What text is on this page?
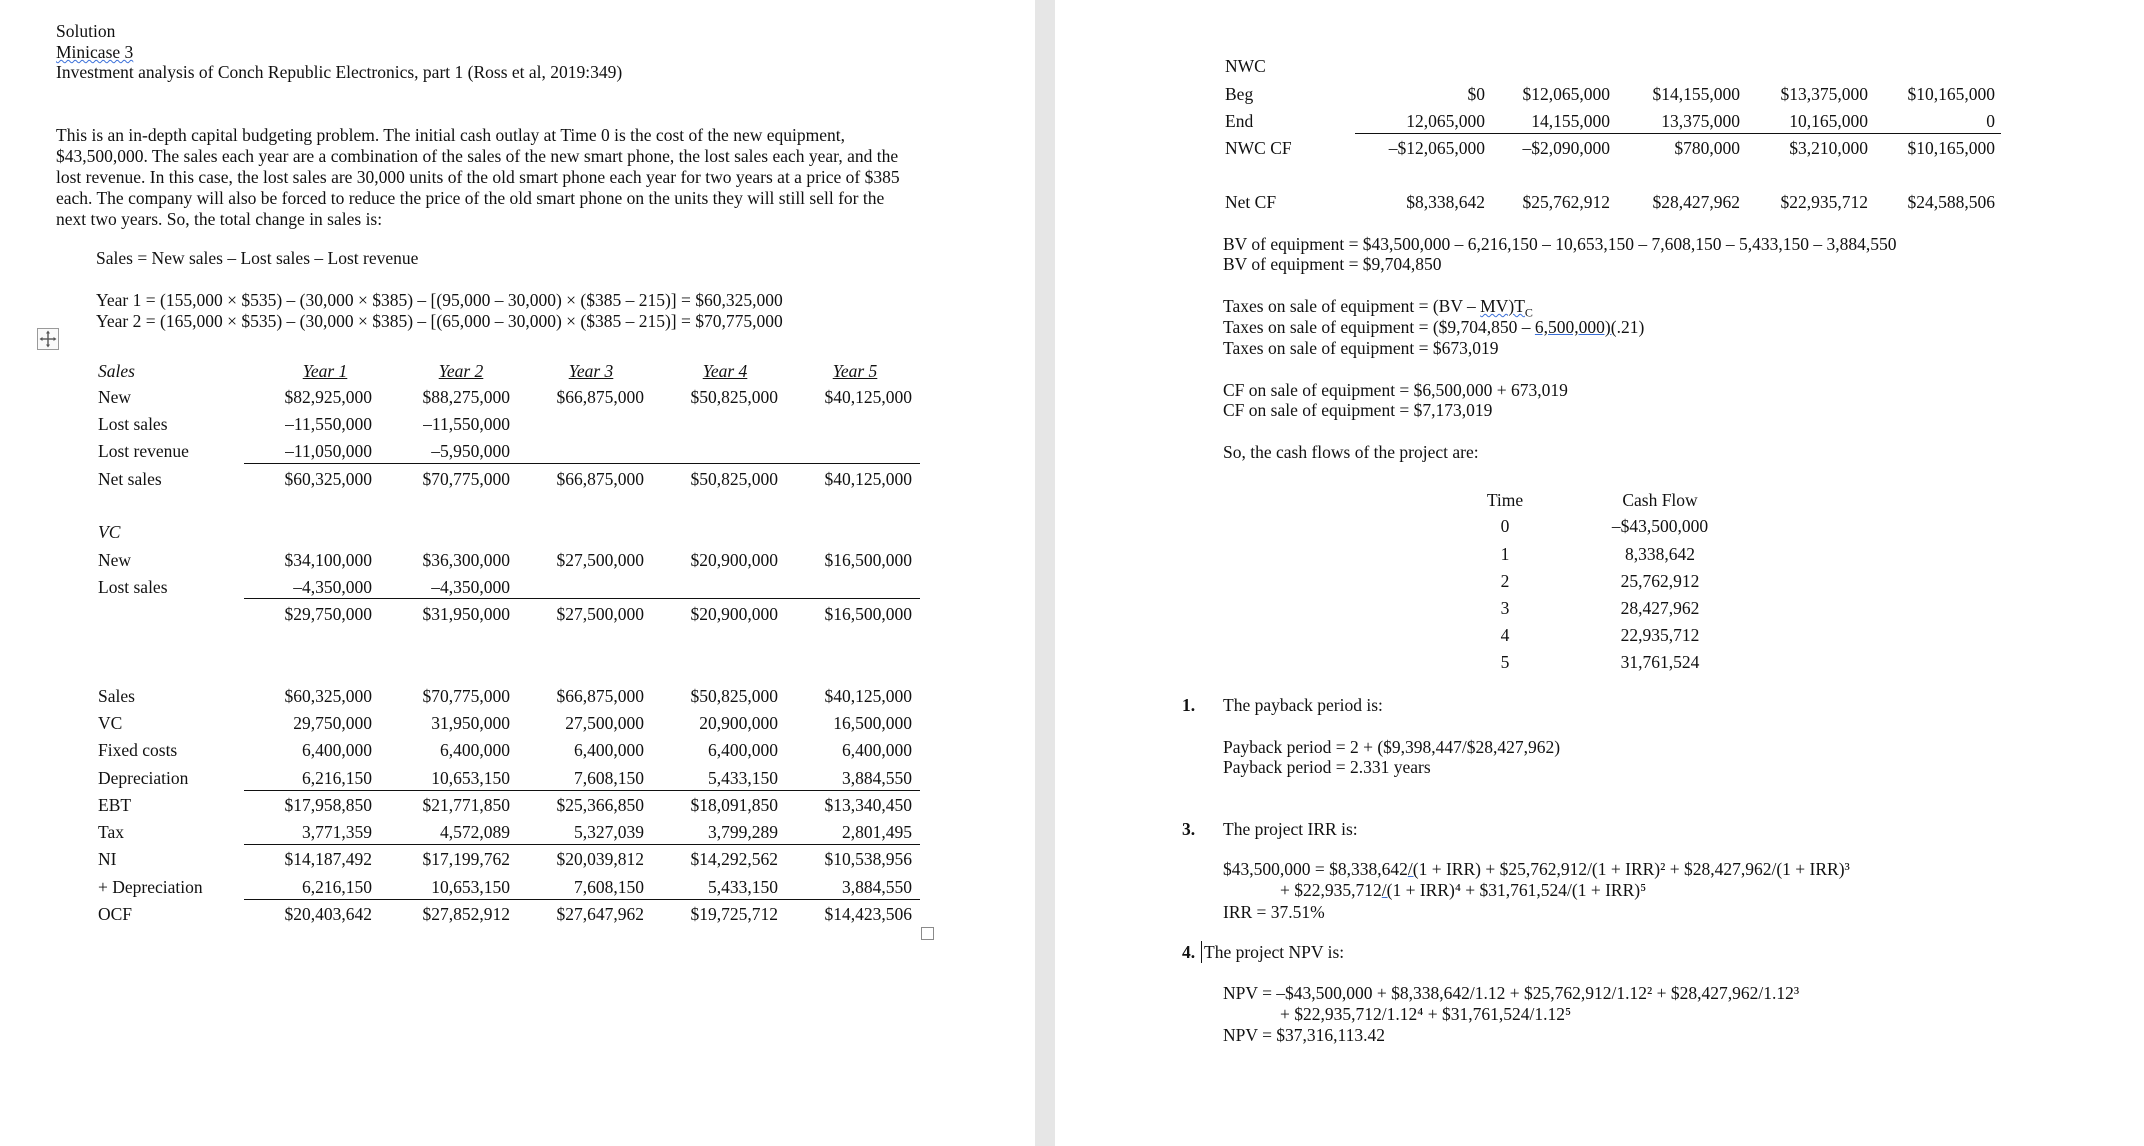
Solution
Minicase 3
Investment analysis of Conch Republic Electronics, part 1 (Ross et al, 2019:349)
This is an in-depth capital budgeting problem. The initial cash outlay at Time 0 is the cost of the new equipment, $43,500,000. The sales each year are a combination of the sales of the new smart phone, the lost sales each year, and the lost revenue. In this case, the lost sales are 30,000 units of the old smart phone each year for two years at a price of $385 each. The company will also be forced to reduce the price of the old smart phone on the units they will still sell for the next two years. So, the total change in sales is:
Sales = New sales – Lost sales – Lost revenue
Year 1 = (155,000 × $535) – (30,000 × $385) – [(95,000 – 30,000) × ($385 – 215)] = $60,325,000
Year 2 = (165,000 × $535) – (30,000 × $385) – [(65,000 – 30,000) × ($385 – 215)] = $70,775,000
Sales	Year 1	Year 2	Year 3	Year 4	Year 5
New	$82,925,000	$88,275,000	$66,875,000	$50,825,000	$40,125,000
Lost sales	–11,550,000	–11,550,000
Lost revenue	–11,050,000	–5,950,000
Net sales	$60,325,000	$70,775,000	$66,875,000	$50,825,000	$40,125,000
VC
New	$34,100,000	$36,300,000	$27,500,000	$20,900,000	$16,500,000
Lost sales	–4,350,000	–4,350,000
$29,750,000	$31,950,000	$27,500,000	$20,900,000	$16,500,000
Sales	$60,325,000	$70,775,000	$66,875,000	$50,825,000	$40,125,000
VC	29,750,000	31,950,000	27,500,000	20,900,000	16,500,000
Fixed costs	6,400,000	6,400,000	6,400,000	6,400,000	6,400,000
Depreciation	6,216,150	10,653,150	7,608,150	5,433,150	3,884,550
EBT	$17,958,850	$21,771,850	$25,366,850	$18,091,850	$13,340,450
Tax	3,771,359	4,572,089	5,327,039	3,799,289	2,801,495
NI	$14,187,492	$17,199,762	$20,039,812	$14,292,562	$10,538,956
+ Depreciation	6,216,150	10,653,150	7,608,150	5,433,150	3,884,550
OCF	$20,403,642	$27,852,912	$27,647,962	$19,725,712	$14,423,506
NWC
Beg	$0	$12,065,000	$14,155,000	$13,375,000	$10,165,000
End	12,065,000	14,155,000	13,375,000	10,165,000	0
NWC CF	–$12,065,000	–$2,090,000	$780,000	$3,210,000	$10,165,000
Net CF	$8,338,642	$25,762,912	$28,427,962	$22,935,712	$24,588,506
BV of equipment = $43,500,000 – 6,216,150 – 10,653,150 – 7,608,150 – 5,433,150 – 3,884,550
BV of equipment = $9,704,850
Taxes on sale of equipment = $(BV - MV)T_C$
Taxes on sale of equipment = ($9,704,850 – 6,500,000)(.21)
Taxes on sale of equipment = $673,019
CF on sale of equipment = $6,500,000 + 673,019
CF on sale of equipment = $7,173,019
So, the cash flows of the project are:
Time	Cash Flow
0	–$43,500,000
1	8,338,642
2	25,762,912
3	28,427,962
4	22,935,712
5	31,761,524
1. The payback period is:
Payback period = 2 + ($9,398,447/$28,427,962)
Payback period = 2.331 years
3. The project IRR is:
$43,500,000 = $8,338,642/(1 + IRR) + $25,762,912/(1 + IRR)² + $28,427,962/(1 + IRR)³
+ $22,935,712/(1 + IRR)⁴ + $31,761,524/(1 + IRR)⁵
IRR = 37.51%
4. The project NPV is:
NPV = –$43,500,000 + $8,338,642/1.12 + $25,762,912/1.12² + $28,427,962/1.12³
+ $22,935,712/1.12⁴ + $31,761,524/1.12⁵
NPV = $37,316,113.42
